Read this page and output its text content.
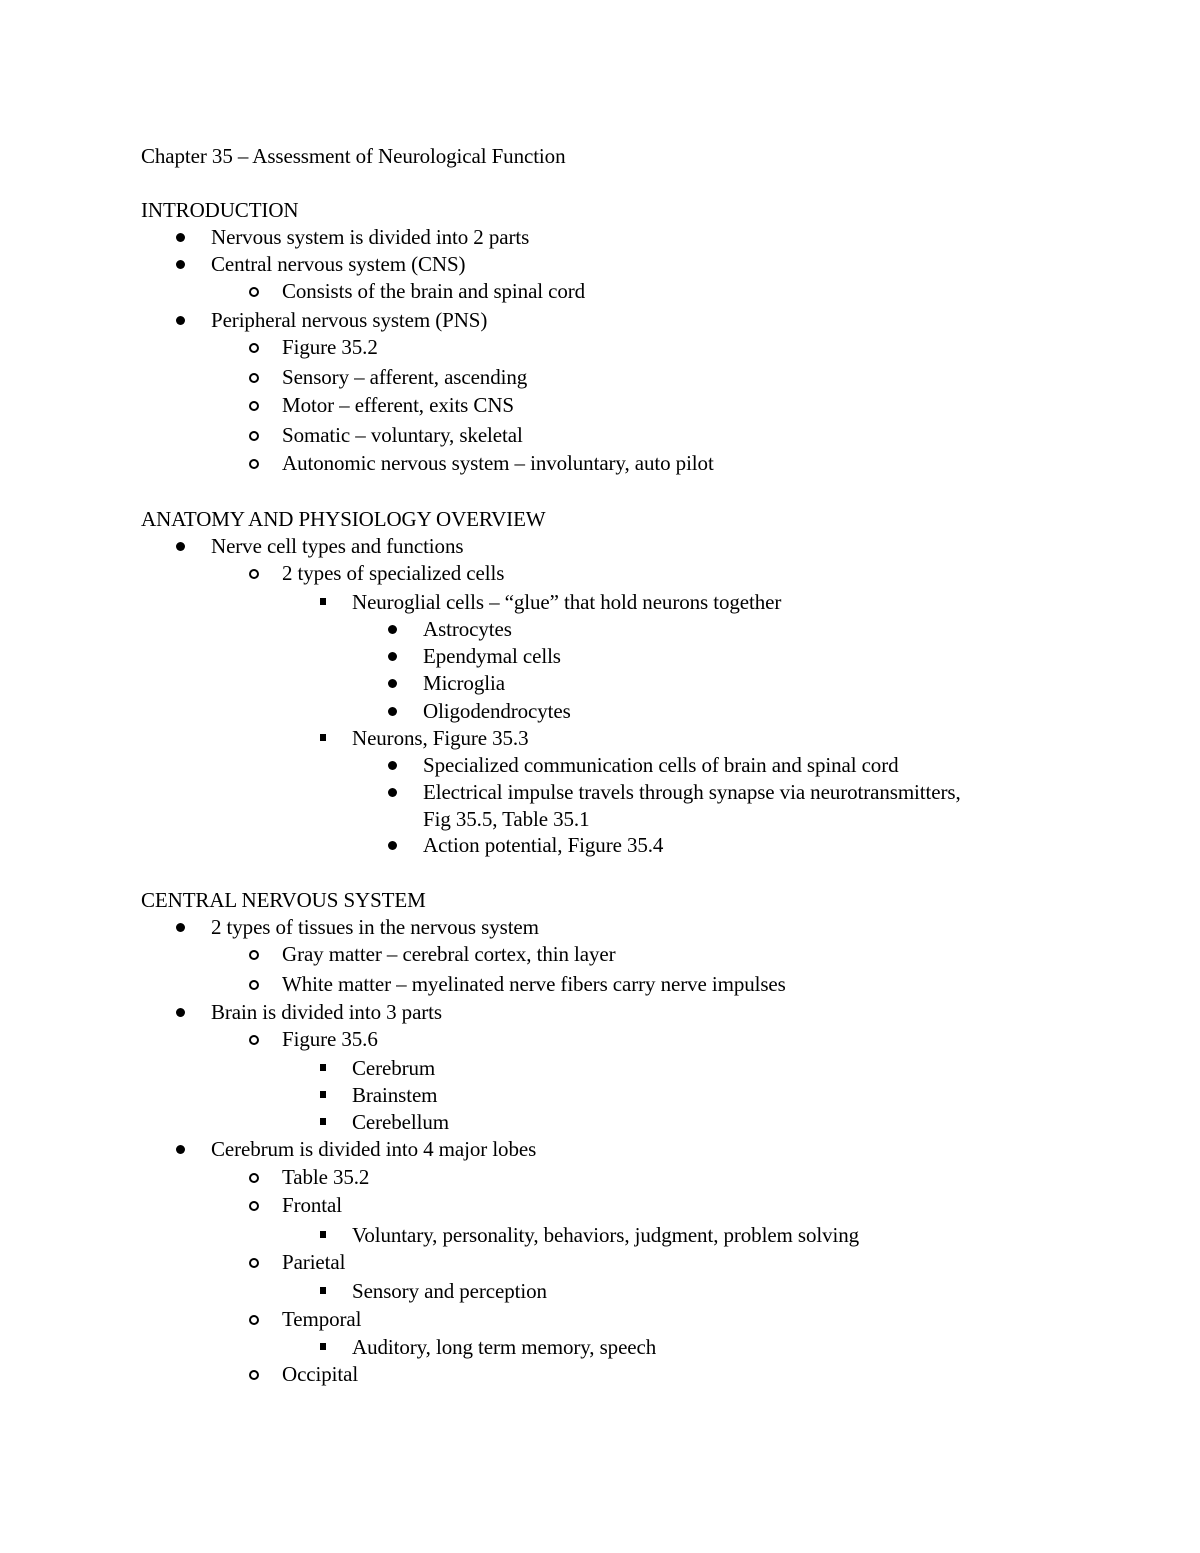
Chapter 35 – Assessment of Neurological Function
INTRODUCTION
Nervous system is divided into 2 parts
Central nervous system (CNS)
Consists of the brain and spinal cord
Peripheral nervous system (PNS)
Figure 35.2
Sensory – afferent, ascending
Motor – efferent, exits CNS
Somatic – voluntary, skeletal
Autonomic nervous system – involuntary, auto pilot
ANATOMY AND PHYSIOLOGY OVERVIEW
Nerve cell types and functions
2 types of specialized cells
Neuroglial cells – “glue” that hold neurons together
Astrocytes
Ependymal cells
Microglia
Oligodendrocytes
Neurons, Figure 35.3
Specialized communication cells of brain and spinal cord
Electrical impulse travels through synapse via neurotransmitters,
Fig 35.5, Table 35.1
Action potential, Figure 35.4
CENTRAL NERVOUS SYSTEM
2 types of tissues in the nervous system
Gray matter – cerebral cortex, thin layer
White matter – myelinated nerve fibers carry nerve impulses
Brain is divided into 3 parts
Figure 35.6
Cerebrum
Brainstem
Cerebellum
Cerebrum is divided into 4 major lobes
Table 35.2
Frontal
Voluntary, personality, behaviors, judgment, problem solving
Parietal
Sensory and perception
Temporal
Auditory, long term memory, speech
Occipital
